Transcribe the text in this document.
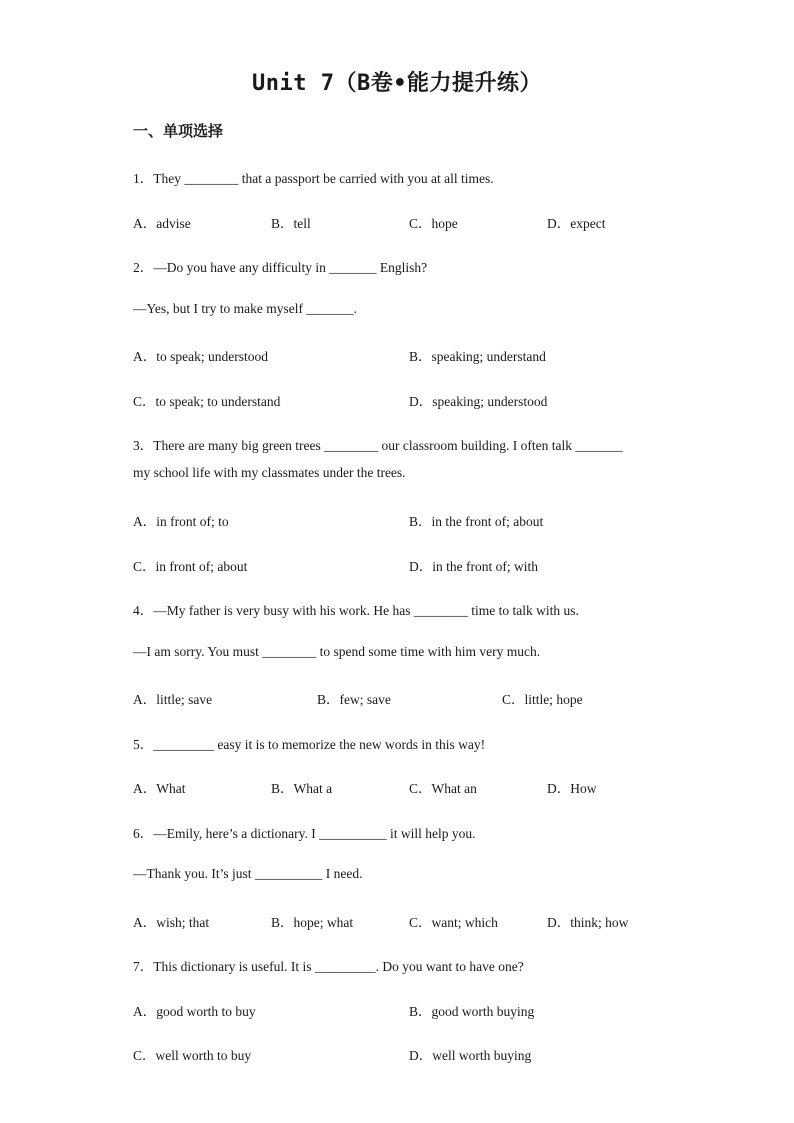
Unit 7（B卷•能力提升练）
一、单项选择
1．They ________ that a passport be carried with you at all times.
A．advise	B．tell	C．hope	D．expect
2．—Do you have any difficulty in _______ English?
—Yes, but I try to make myself _______.
A．to speak; understood	B．speaking; understand
C．to speak; to understand	D．speaking; understood
3．There are many big green trees ________ our classroom building. I often talk _______
my school life with my classmates under the trees.
A．in front of; to	B．in the front of; about
C．in front of; about	D．in the front of; with
4．—My father is very busy with his work. He has ________ time to talk with us.
—I am sorry. You must ________ to spend some time with him very much.
A．little; save	B．few; save	C．little; hope
5．_________ easy it is to memorize the new words in this way!
A．What	B．What a	C．What an	D．How
6．—Emily, here’s a dictionary. I __________ it will help you.
—Thank you. It’s just __________ I need.
A．wish; that	B．hope; what	C．want; which	D．think; how
7．This dictionary is useful. It is _________. Do you want to have one?
A．good worth to buy	B．good worth buying
C．well worth to buy	D．well worth buying
